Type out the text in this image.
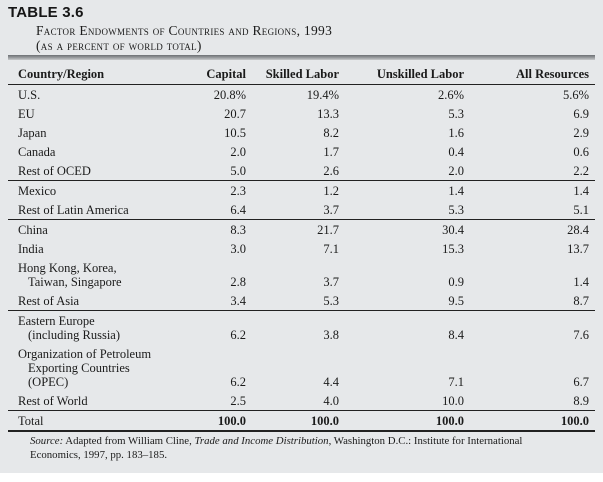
TABLE 3.6
Factor Endowments of Countries and Regions, 1993
(as a percent of world total)
Country/Region	Capital	Skilled Labor	Unskilled Labor	All Resources

U.S.	20.8%	19.4%	2.6%	5.6%

EU	20.7	13.3	5.3	6.9

Japan	10.5	8.2	1.6	2.9

Canada	2.0	1.7	0.4	0.6

Rest of OCED	5.0	2.6	2.0	2.2

Mexico	2.3	1.2	1.4	1.4

Rest of Latin America	6.4	3.7	5.3	5.1

China	8.3	21.7	30.4	28.4

India	3.0	7.1	15.3	13.7

Hong Kong, Korea,
Taiwan, Singapore	2.8	3.7	0.9	1.4

Rest of Asia	3.4	5.3	9.5	8.7

Eastern Europe
(including Russia)	6.2	3.8	8.4	7.6

Organization of Petroleum
Exporting Countries (OPEC)	6.2	4.4	7.1	6.7

Rest of World	2.5	4.0	10.0	8.9

Total	100.0	100.0	100.0	100.0
Source: Adapted from William Cline, Trade and Income Distribution, Washington D.C.: Institute for International
Economics, 1997, pp. 183–185.
